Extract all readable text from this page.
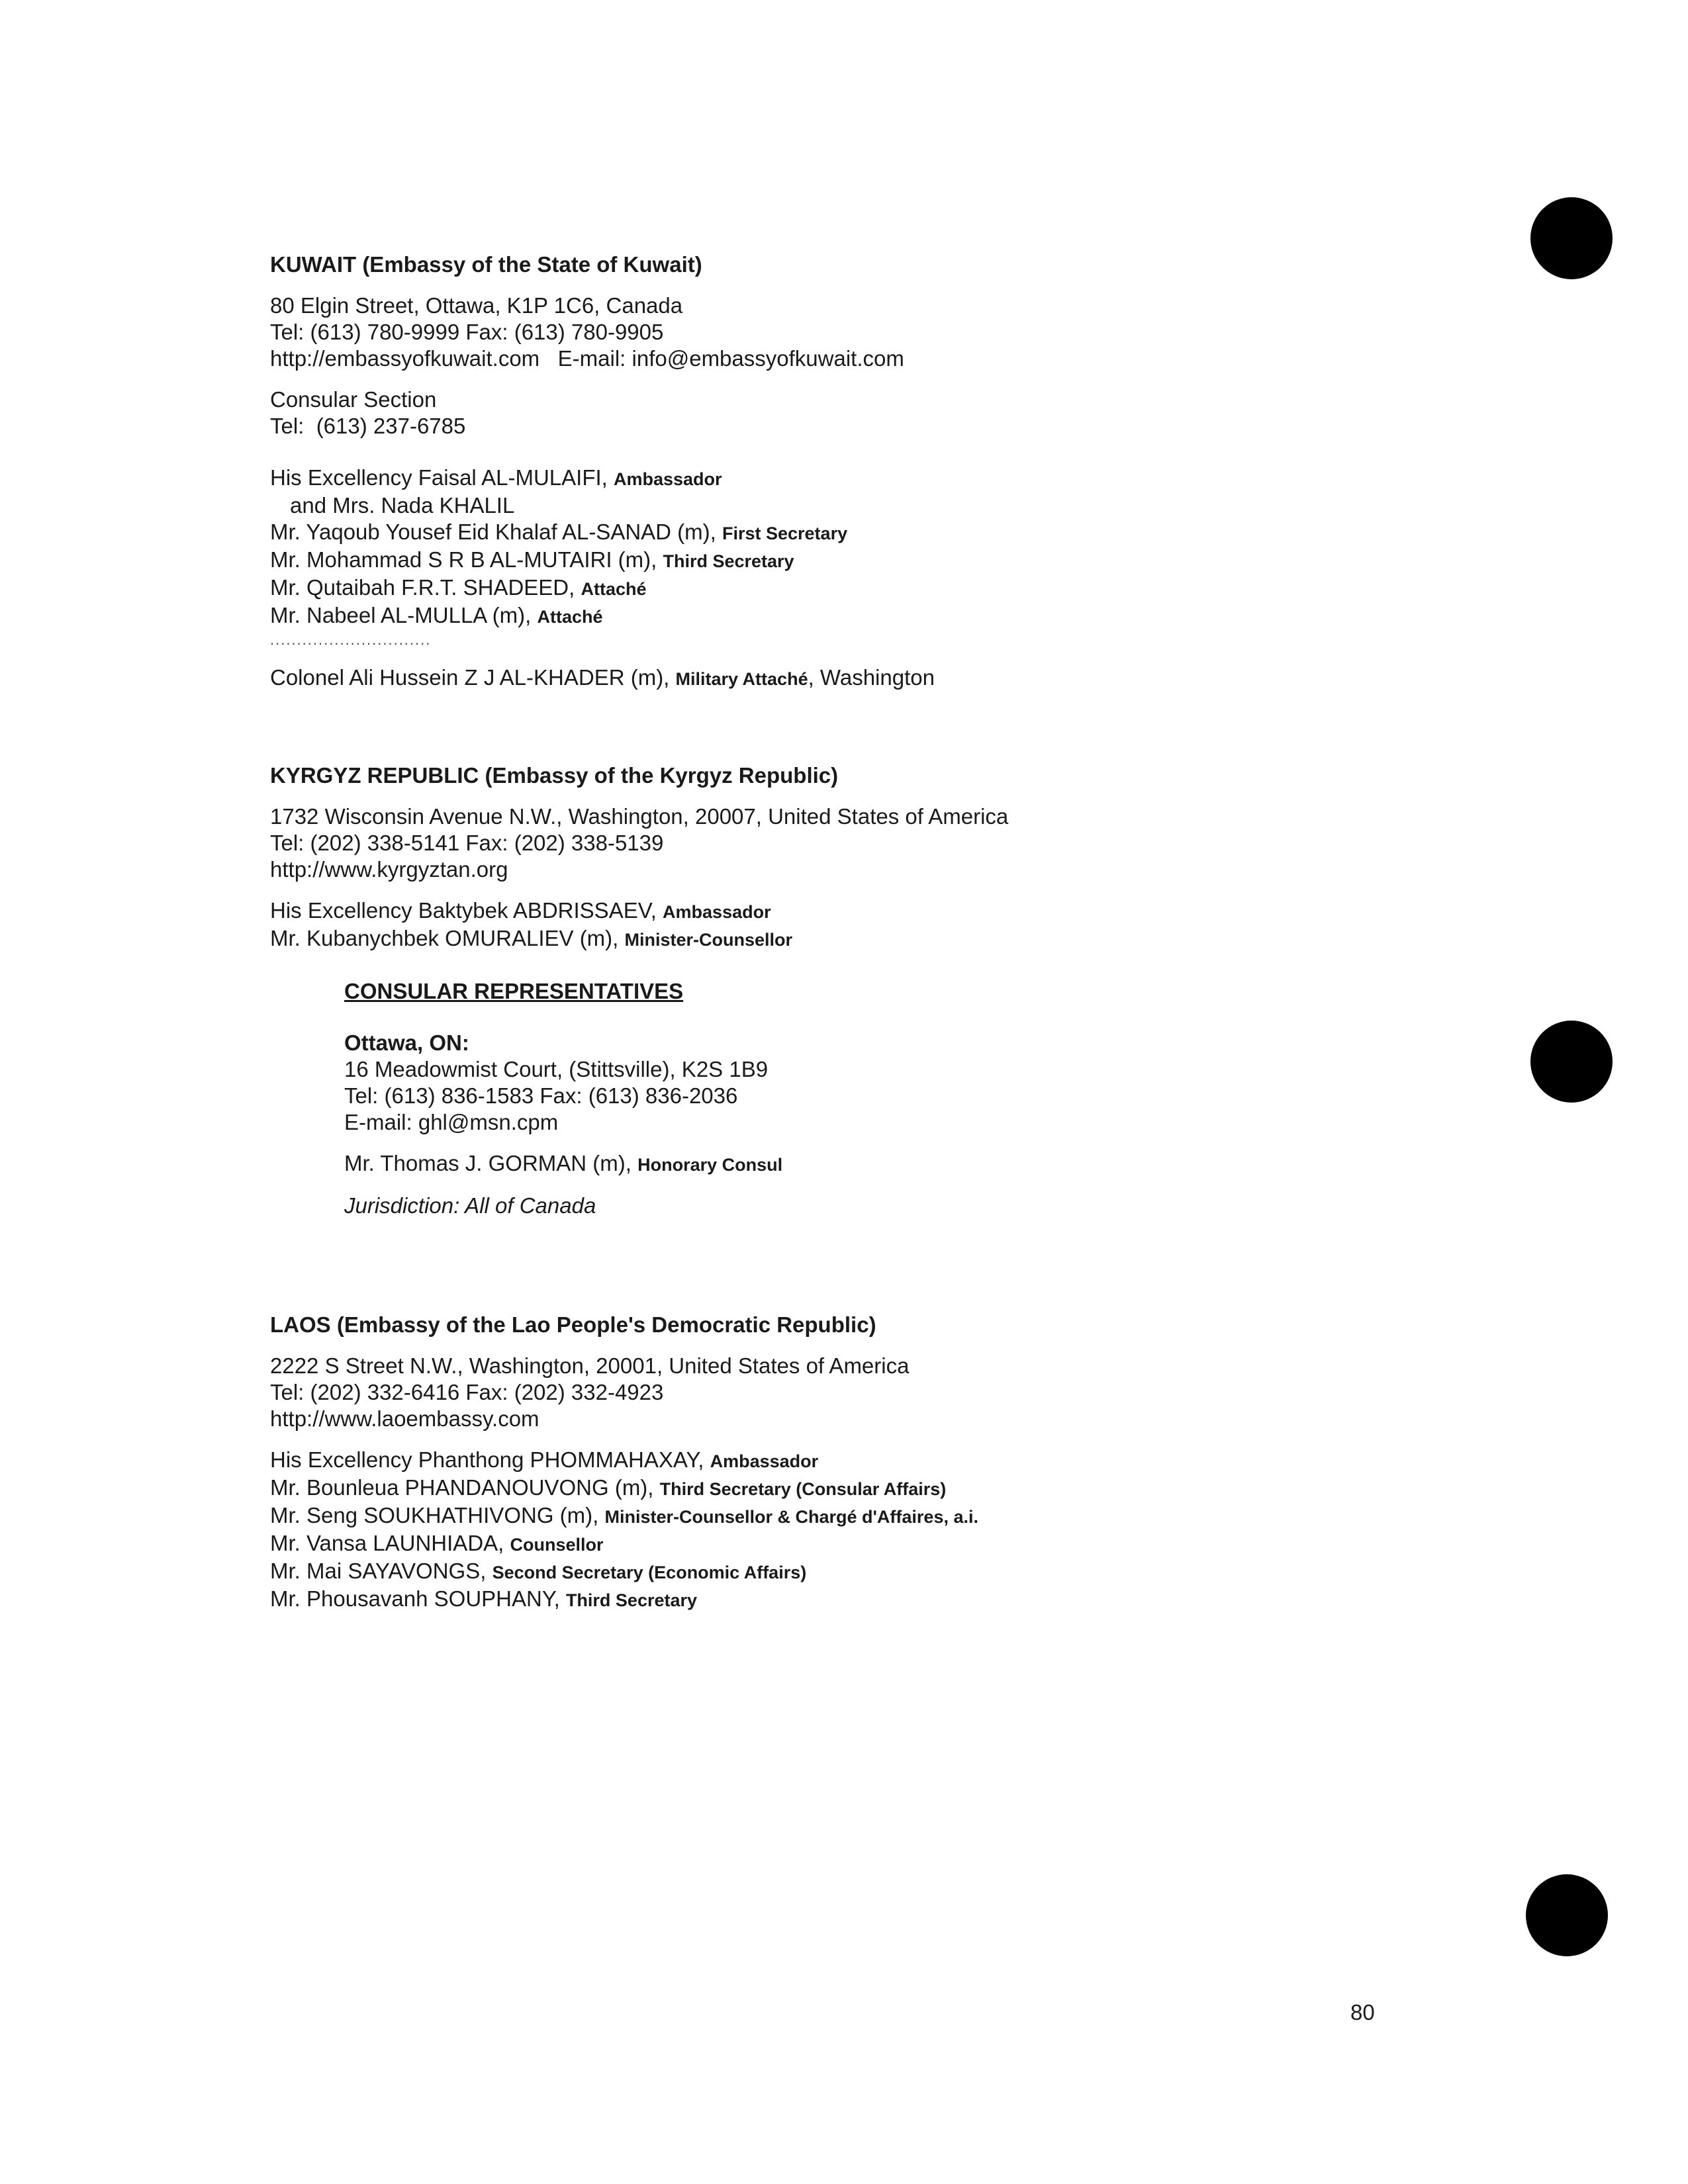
KUWAIT (Embassy of the State of Kuwait)
80 Elgin Street, Ottawa, K1P 1C6, Canada
Tel: (613) 780-9999 Fax: (613) 780-9905
http://embassyofkuwait.com   E-mail: info@embassyofkuwait.com
Consular Section
Tel:  (613) 237-6785
His Excellency Faisal AL-MULAIFI, Ambassador
and Mrs. Nada KHALIL
Mr. Yaqoub Yousef Eid Khalaf AL-SANAD (m), First Secretary
Mr. Mohammad S R B AL-MUTAIRI (m), Third Secretary
Mr. Qutaibah F.R.T. SHADEED, Attaché
Mr. Nabeel AL-MULLA (m), Attaché
..............................
Colonel Ali Hussein Z J AL-KHADER (m), Military Attaché, Washington
KYRGYZ REPUBLIC (Embassy of the Kyrgyz Republic)
1732 Wisconsin Avenue N.W., Washington, 20007, United States of America
Tel: (202) 338-5141 Fax: (202) 338-5139
http://www.kyrgyztan.org
His Excellency Baktybek ABDRISSAEV, Ambassador
Mr. Kubanychbek OMURALIEV (m), Minister-Counsellor
CONSULAR REPRESENTATIVES
Ottawa, ON:
16 Meadowmist Court, (Stittsville), K2S 1B9
Tel: (613) 836-1583 Fax: (613) 836-2036
E-mail: ghl@msn.cpm
Mr. Thomas J. GORMAN (m), Honorary Consul
Jurisdiction: All of Canada
LAOS (Embassy of the Lao People's Democratic Republic)
2222 S Street N.W., Washington, 20001, United States of America
Tel: (202) 332-6416 Fax: (202) 332-4923
http://www.laoembassy.com
His Excellency Phanthong PHOMMAHAXAY, Ambassador
Mr. Bounleua PHANDANOUVONG (m), Third Secretary (Consular Affairs)
Mr. Seng SOUKHATHIVONG (m), Minister-Counsellor & Chargé d'Affaires, a.i.
Mr. Vansa LAUNHIADA, Counsellor
Mr. Mai SAYAVONGS, Second Secretary (Economic Affairs)
Mr. Phousavanh SOUPHANY, Third Secretary
80
